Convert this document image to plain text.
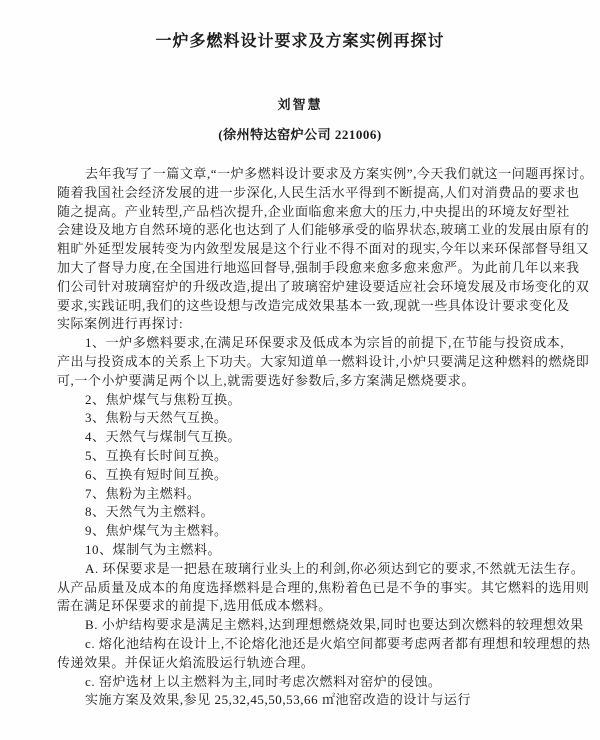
一炉多燃料设计要求及方案实例再探讨
刘智慧
(徐州特达窑炉公司 221006)
去年我写了一篇文章,“一炉多燃料设计要求及方案实例”,今天我们就这一问题再探讨。
随着我国社会经济发展的进一步深化,人民生活水平得到不断提高,人们对消费品的要求也
随之提高。产业转型,产品档次提升,企业面临愈来愈大的压力,中央提出的环境友好型社
会建设及地方自然环境的恶化也达到了人们能够承受的临界状态,玻璃工业的发展由原有的
粗旷外延型发展转变为内敛型发展是这个行业不得不面对的现实,今年以来环保部督导组又
加大了督导力度,在全国进行地巡回督导,强制手段愈来愈多愈来愈严。为此前几年以来我
们公司针对玻璃窑炉的升级改造,提出了玻璃窑炉建设要适应社会环境发展及市场变化的双
要求,实践证明,我们的这些设想与改造完成效果基本一致,现就一些具体设计要求变化及
实际案例进行再探讨:
1、一炉多燃料要求,在满足环保要求及低成本为宗旨的前提下,在节能与投资成本,
产出与投资成本的关系上下功夫。大家知道单一燃料设计,小炉只要满足这种燃料的燃烧即
可,一个小炉要满足两个以上,就需要选好参数后,多方案满足燃烧要求。
2、焦炉煤气与焦粉互换。
3、焦粉与天然气互换。
4、天然气与煤制气互换。
5、互换有长时间互换。
6、互换有短时间互换。
7、焦粉为主燃料。
8、天然气为主燃料。
9、焦炉煤气为主燃料。
10、煤制气为主燃料。
A. 环保要求是一把悬在玻璃行业头上的利剑,你必须达到它的要求,不然就无法生存。
从产品质量及成本的角度选择燃料是合理的,焦粉着色已是不争的事实。其它燃料的选用则
需在满足环保要求的前提下,选用低成本燃料。
B. 小炉结构要求是满足主燃料,达到理想燃烧效果,同时也要达到次燃料的较理想效果
c. 熔化池结构在设计上,不论熔化池还是火焰空间都要考虑两者都有理想和较理想的热
传递效果。并保证火焰流股运行轨迹合理。
c. 窑炉选材上以主燃料为主,同时考虑次燃料对窑炉的侵蚀。
实施方案及效果,参见 25,32,45,50,53,66 ㎡池窑改造的设计与运行
